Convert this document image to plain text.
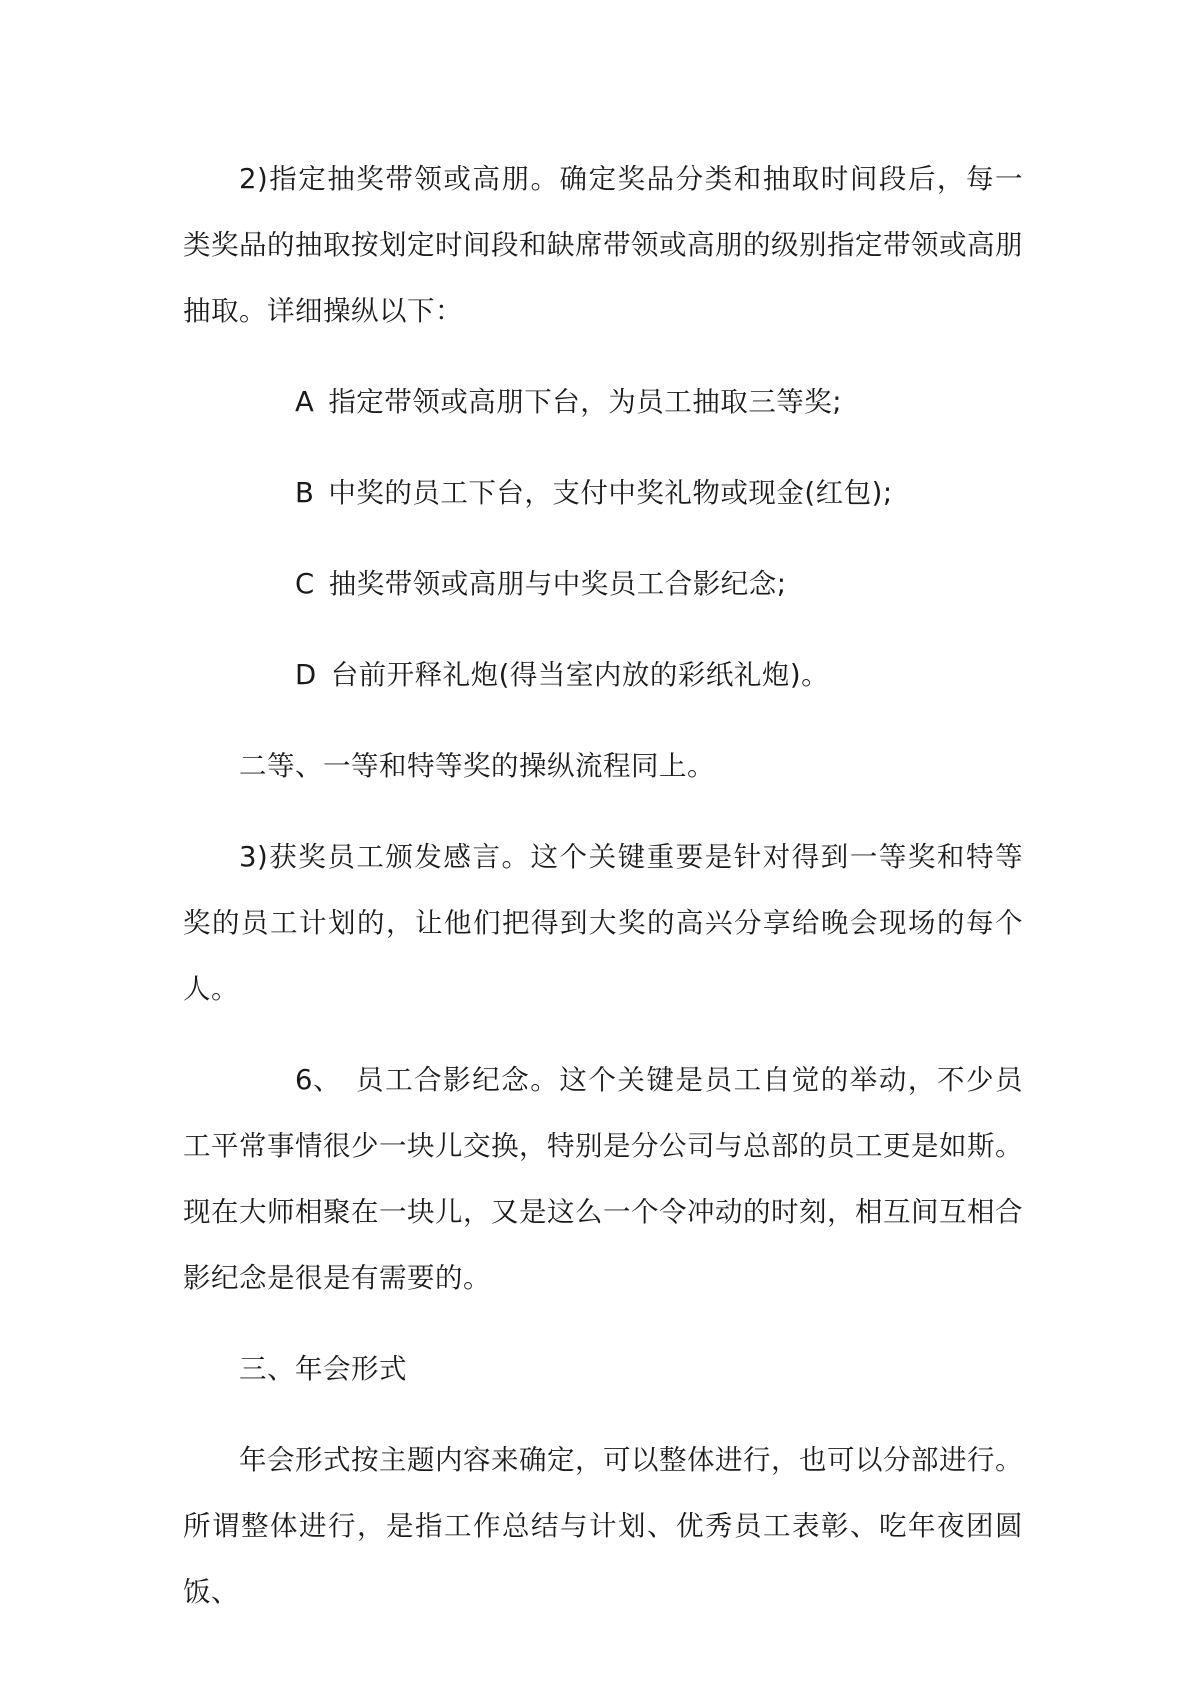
2)指定抽奖带领或高朋。确定奖品分类和抽取时间段后，每一类奖品的抽取按划定时间段和缺席带领或高朋的级别指定带领或高朋抽取。详细操纵以下：

A 指定带领或高朋下台，为员工抽取三等奖;

B 中奖的员工下台，支付中奖礼物或现金(红包);

C 抽奖带领或高朋与中奖员工合影纪念;

D 台前开释礼炮(得当室内放的彩纸礼炮)。

二等、一等和特等奖的操纵流程同上。

3)获奖员工颁发感言。这个关键重要是针对得到一等奖和特等奖的员工计划的，让他们把得到大奖的高兴分享给晚会现场的每个人。

6、 员工合影纪念。这个关键是员工自觉的举动，不少员工平常事情很少一块儿交换，特别是分公司与总部的员工更是如斯。现在大师相聚在一块儿，又是这么一个令冲动的时刻，相互间互相合影纪念是很是有需要的。

三、年会形式

年会形式按主题内容来确定，可以整体进行，也可以分部进行。所谓整体进行，是指工作总结与计划、优秀员工表彰、吃年夜团圆饭、
